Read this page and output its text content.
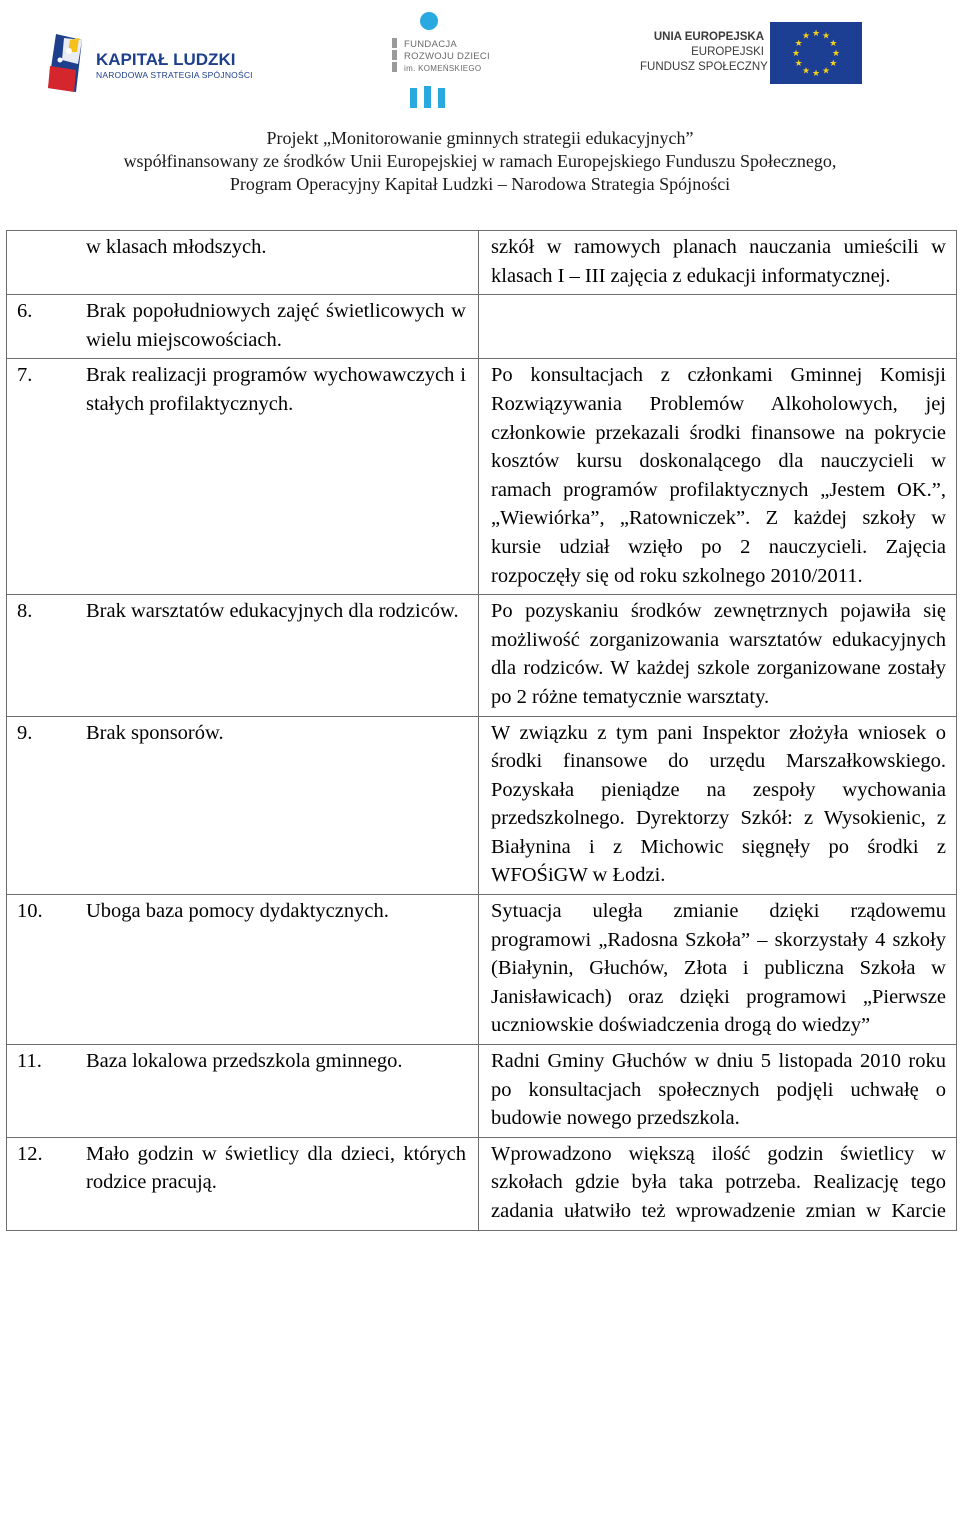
KAPITAŁ LUDZKI
NARODOWA STRATEGIA SPÓJNOŚCI
FUNDACJA
ROZWOJU DZIECI
im. KOMEŃSKIEGO
UNIA EUROPEJSKA
EUROPEJSKI
FUNDUSZ SPOŁECZNY
★
★
★
★
★
★
★
★
★ ★ ★
★
Projekt „Monitorowanie gminnych strategii edukacyjnych”
współfinansowany ze środków Unii Europejskiej w ramach Europejskiego Funduszu Społecznego,
Program Operacyjny Kapitał Ludzki – Narodowa Strategia Spójności
w klasach młodszych.	szkół w ramowych planach nauczania umieścili w klasach I – III zajęcia z edukacji informatycznej.

6. Brak popołudniowych zajęć świetlicowych w wielu miejscowościach.	

7. Brak realizacji programów wychowawczych i stałych profilaktycznych.	Po konsultacjach z członkami Gminnej Komisji Rozwiązywania Problemów Alkoholowych, jej członkowie przekazali środki finansowe na pokrycie kosztów kursu doskonalącego dla nauczycieli w ramach programów profilaktycznych „Jestem OK.”, „Wiewiórka”, „Ratowniczek”. Z każdej szkoły w kursie udział wzięło po 2 nauczycieli. Zajęcia rozpoczęły się od roku szkolnego 2010/2011.

8. Brak warsztatów edukacyjnych dla rodziców.	Po pozyskaniu środków zewnętrznych pojawiła się możliwość zorganizowania warsztatów edukacyjnych dla rodziców. W każdej szkole zorganizowane zostały po 2 różne tematycznie warsztaty.

9. Brak sponsorów.	W związku z tym pani Inspektor złożyła wniosek o środki finansowe do urzędu Marszałkowskiego. Pozyskała pieniądze na zespoły wychowania przedszkolnego. Dyrektorzy Szkół: z Wysokienic, z Białynina i z Michowic sięgnęły po środki z WFOŚiGW w Łodzi.

10. Uboga baza pomocy dydaktycznych.	Sytuacja uległa zmianie dzięki rządowemu programowi „Radosna Szkoła” – skorzystały 4 szkoły (Białynin, Głuchów, Złota i publiczna Szkoła w Janisławicach) oraz dzięki programowi „Pierwsze uczniowskie doświadczenia drogą do wiedzy”

11. Baza lokalowa przedszkola gminnego.	Radni Gminy Głuchów w dniu 5 listopada 2010 roku po konsultacjach społecznych podjęli uchwałę o budowie nowego przedszkola.

12. Mało godzin w świetlicy dla dzieci, których rodzice pracują.	Wprowadzono większą ilość godzin świetlicy w szkołach gdzie była taka potrzeba. Realizację tego zadania ułatwiło też wprowadzenie zmian w Karcie
